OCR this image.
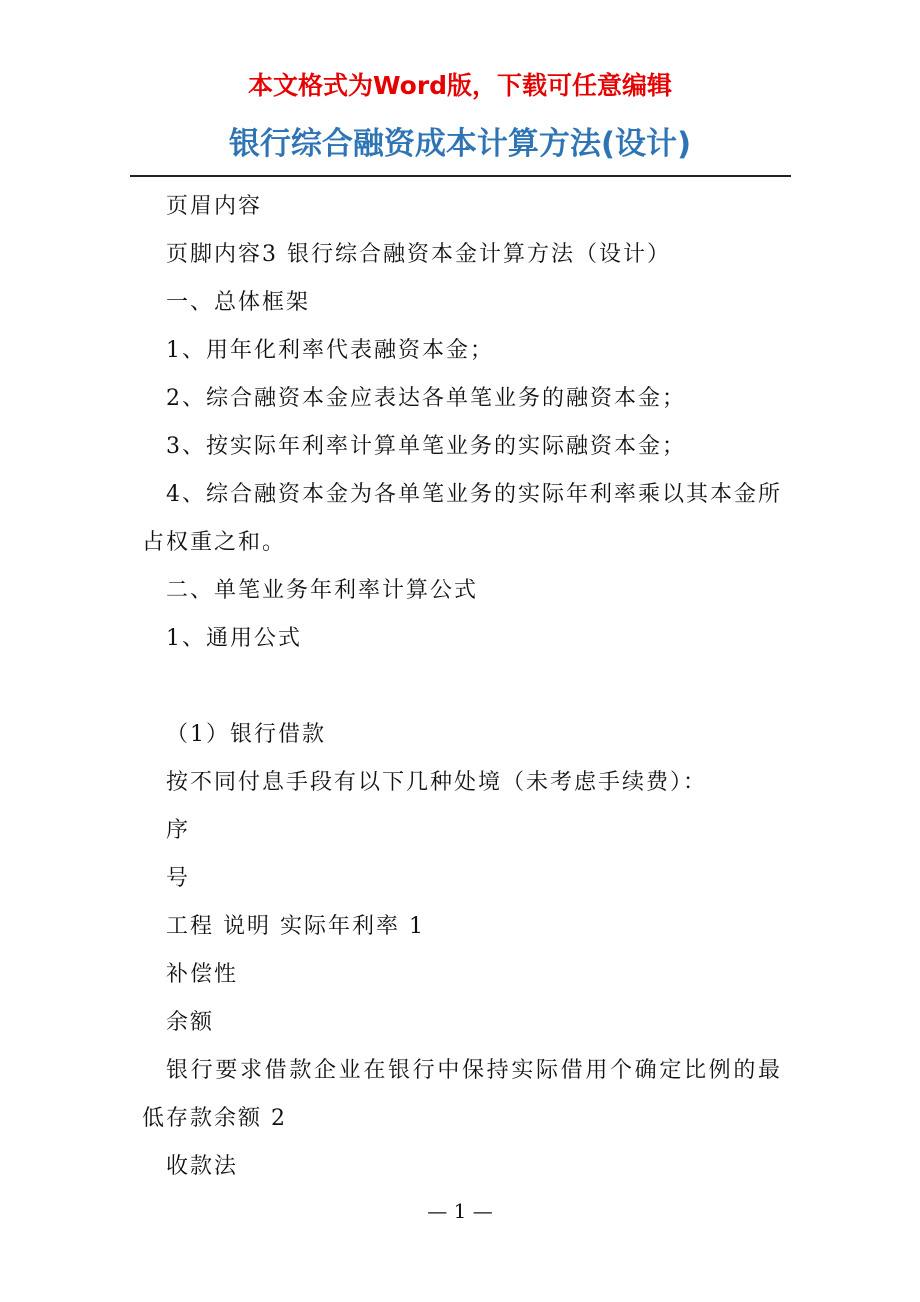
本文格式为Word版，下载可任意编辑
银行综合融资成本计算方法(设计)

页眉内容

页脚内容3 银行综合融资本金计算方法（设计）

一、总体框架

1、用年化利率代表融资本金；

2、综合融资本金应表达各单笔业务的融资本金；

3、按实际年利率计算单笔业务的实际融资本金；

4、综合融资本金为各单笔业务的实际年利率乘以其本金所占权重之和。

二、单笔业务年利率计算公式

1、通用公式

（1）银行借款

按不同付息手段有以下几种处境（未考虑手续费）：

序

号

工程 说明 实际年利率 1

补偿性

余额

银行要求借款企业在银行中保持实际借用个确定比例的最低存款余额 2

收款法

— 1 —
